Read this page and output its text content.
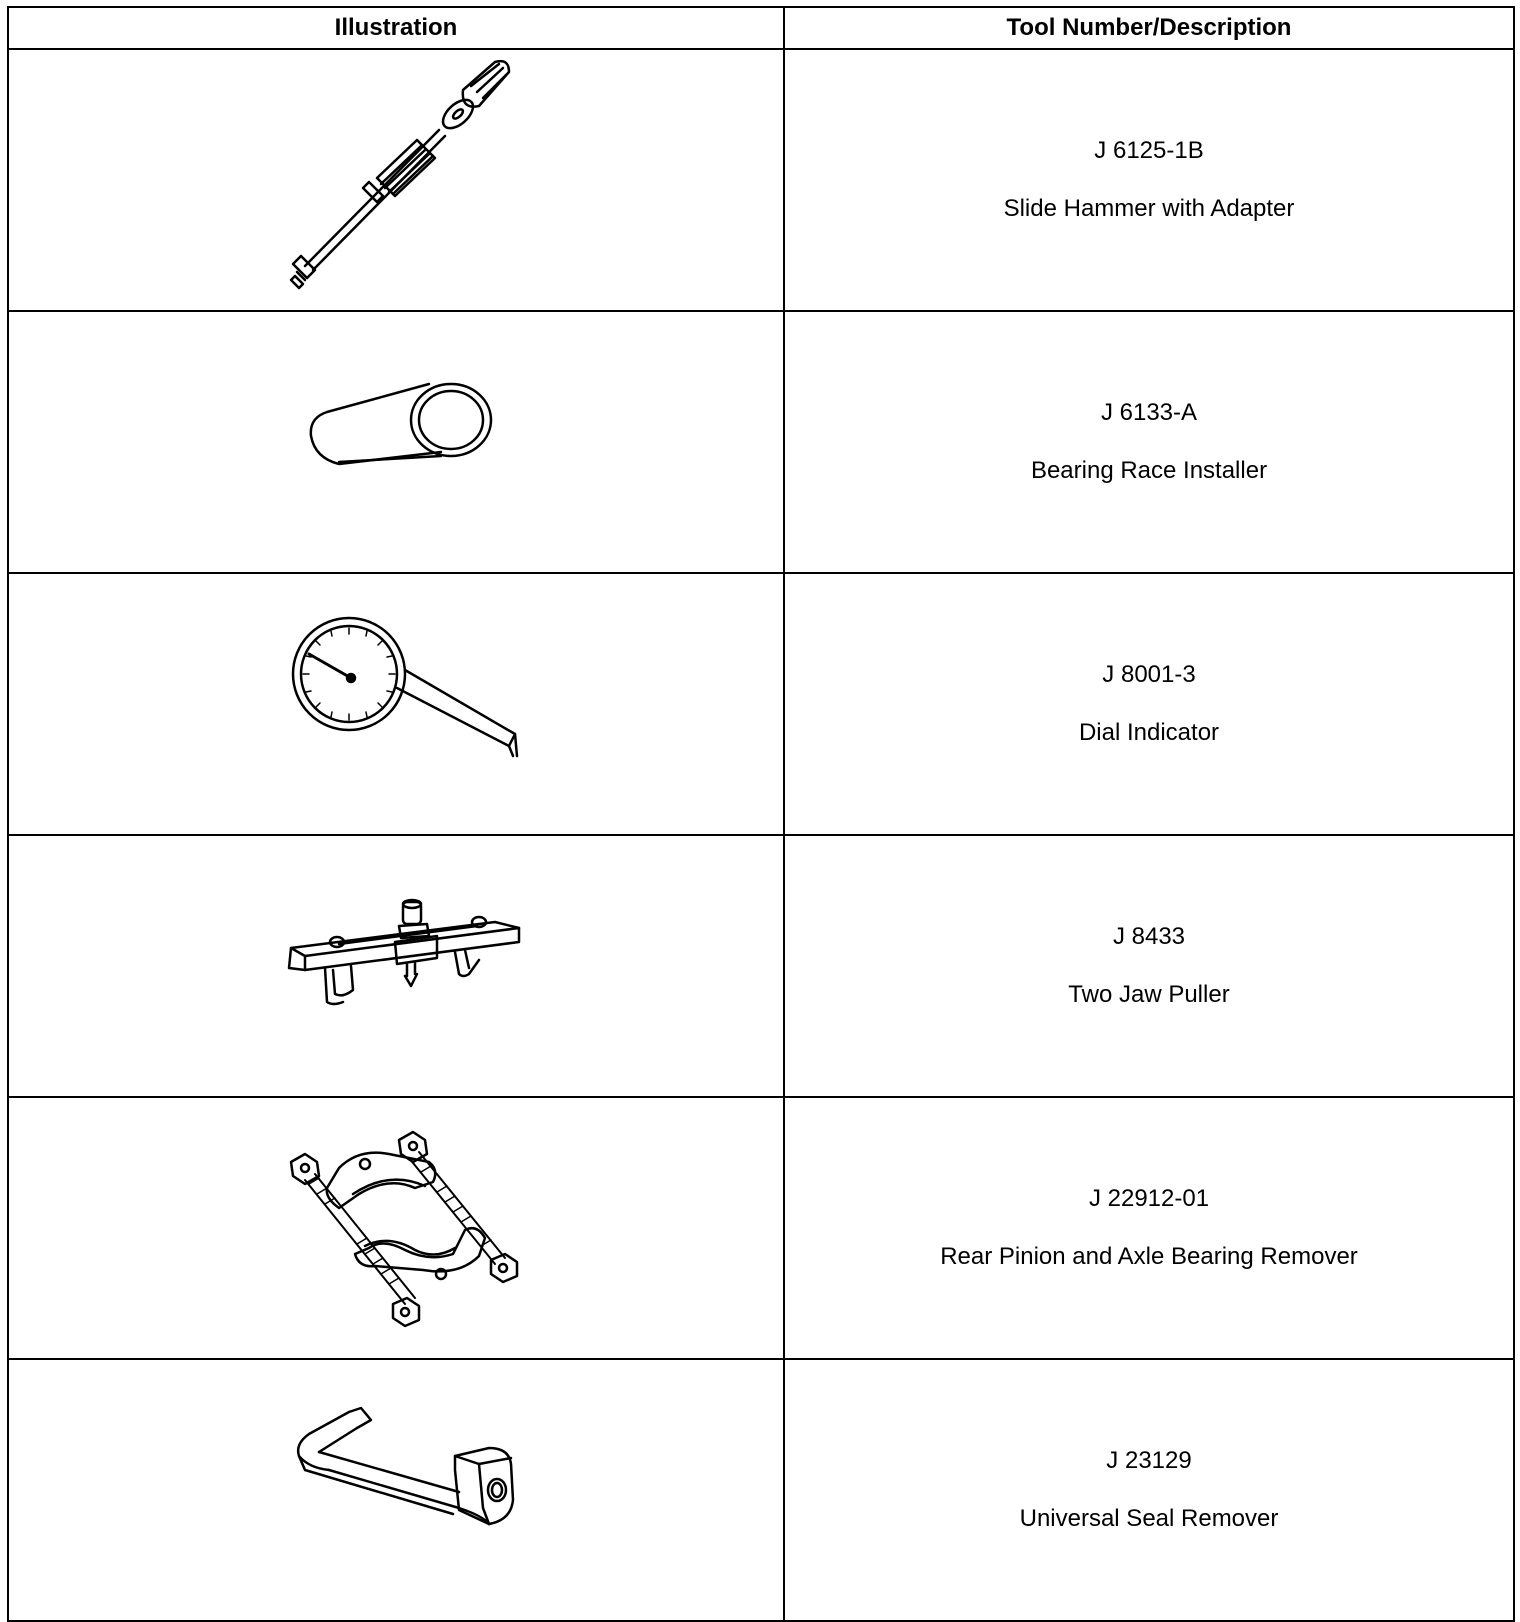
Illustration	Tool Number/Description

J 6125-1B
Slide Hammer with Adapter

J 6133-A
Bearing Race Installer

J 8001-3
Dial Indicator

J 8433
Two Jaw Puller

J 22912-01
Rear Pinion and Axle Bearing Remover

J 23129
Universal Seal Remover
